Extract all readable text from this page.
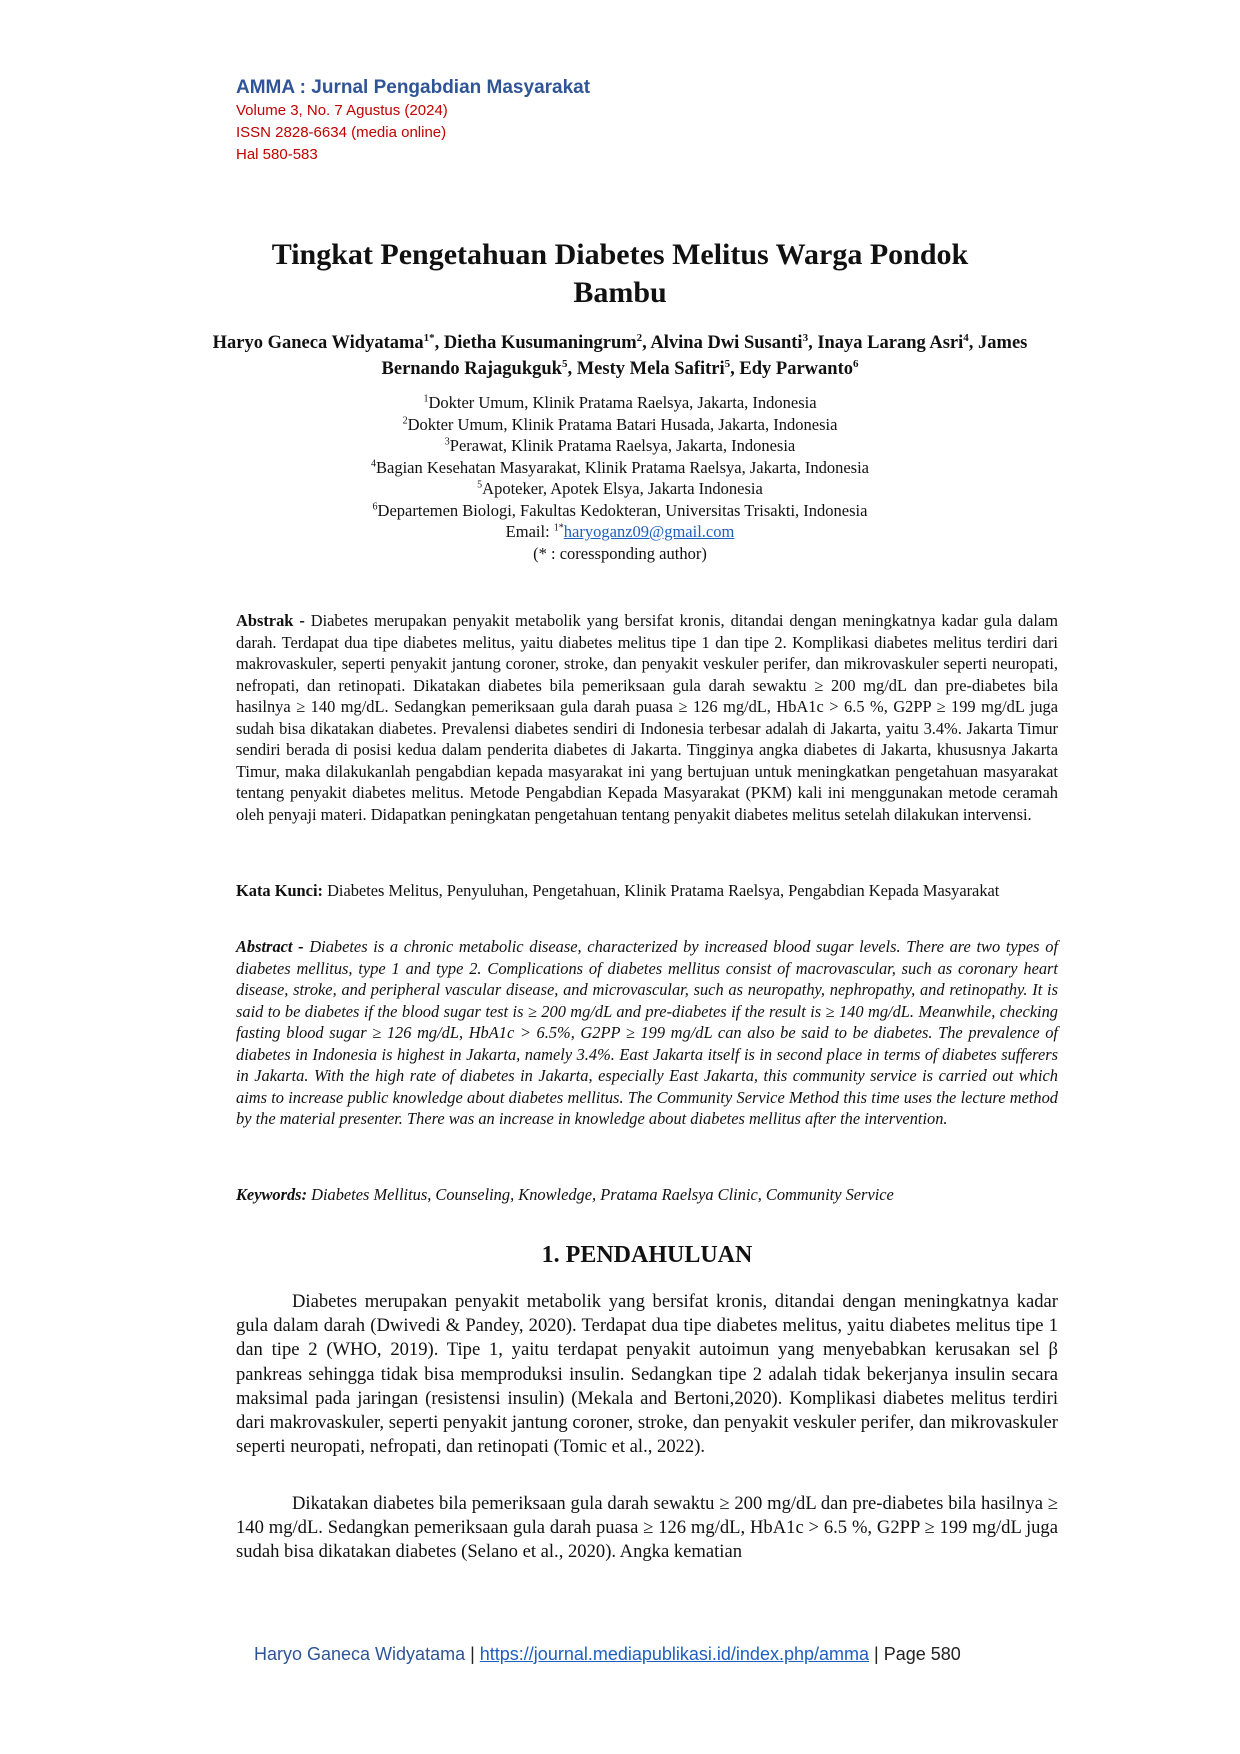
AMMA : Jurnal Pengabdian Masyarakat
Volume 3, No. 7 Agustus (2024)
ISSN 2828-6634 (media online)
Hal 580-583
Tingkat Pengetahuan Diabetes Melitus Warga Pondok Bambu
Haryo Ganeca Widyatama$^{1*}$, Dietha Kusumaningrum$^2$, Alvina Dwi Susanti$^3$, Inaya Larang Asri$^4$, James Bernando Rajagukguk$^5$, Mesty Mela Safitri$^5$, Edy Parwanto$^6$
$^1$Dokter Umum, Klinik Pratama Raelsya, Jakarta, Indonesia
$^2$Dokter Umum, Klinik Pratama Batari Husada, Jakarta, Indonesia
$^3$Perawat, Klinik Pratama Raelsya, Jakarta, Indonesia
$^4$Bagian Kesehatan Masyarakat, Klinik Pratama Raelsya, Jakarta, Indonesia
$^5$Apoteker, Apotek Elsya, Jakarta Indonesia
$^6$Departemen Biologi, Fakultas Kedokteran, Universitas Trisakti, Indonesia
Email: $^{1*}$haryoganz09@gmail.com
(* : coressponding author)
Abstrak - Diabetes merupakan penyakit metabolik yang bersifat kronis, ditandai dengan meningkatnya kadar gula dalam darah. Terdapat dua tipe diabetes melitus, yaitu diabetes melitus tipe 1 dan tipe 2. Komplikasi diabetes melitus terdiri dari makrovaskuler, seperti penyakit jantung coroner, stroke, dan penyakit veskuler perifer, dan mikrovaskuler seperti neuropati, nefropati, dan retinopati. Dikatakan diabetes bila pemeriksaan gula darah sewaktu ≥ 200 mg/dL dan pre-diabetes bila hasilnya ≥ 140 mg/dL. Sedangkan pemeriksaan gula darah puasa ≥ 126 mg/dL, HbA1c > 6.5 %, G2PP ≥ 199 mg/dL juga sudah bisa dikatakan diabetes. Prevalensi diabetes sendiri di Indonesia terbesar adalah di Jakarta, yaitu 3.4%. Jakarta Timur sendiri berada di posisi kedua dalam penderita diabetes di Jakarta. Tingginya angka diabetes di Jakarta, khususnya Jakarta Timur, maka dilakukanlah pengabdian kepada masyarakat ini yang bertujuan untuk meningkatkan pengetahuan masyarakat tentang penyakit diabetes melitus. Metode Pengabdian Kepada Masyarakat (PKM) kali ini menggunakan metode ceramah oleh penyaji materi. Didapatkan peningkatan pengetahuan tentang penyakit diabetes melitus setelah dilakukan intervensi.
Kata Kunci: Diabetes Melitus, Penyuluhan, Pengetahuan, Klinik Pratama Raelsya, Pengabdian Kepada Masyarakat
Abstract - Diabetes is a chronic metabolic disease, characterized by increased blood sugar levels. There are two types of diabetes mellitus, type 1 and type 2. Complications of diabetes mellitus consist of macrovascular, such as coronary heart disease, stroke, and peripheral vascular disease, and microvascular, such as neuropathy, nephropathy, and retinopathy. It is said to be diabetes if the blood sugar test is ≥ 200 mg/dL and pre-diabetes if the result is ≥ 140 mg/dL. Meanwhile, checking fasting blood sugar ≥ 126 mg/dL, HbA1c > 6.5%, G2PP ≥ 199 mg/dL can also be said to be diabetes. The prevalence of diabetes in Indonesia is highest in Jakarta, namely 3.4%. East Jakarta itself is in second place in terms of diabetes sufferers in Jakarta. With the high rate of diabetes in Jakarta, especially East Jakarta, this community service is carried out which aims to increase public knowledge about diabetes mellitus. The Community Service Method this time uses the lecture method by the material presenter. There was an increase in knowledge about diabetes mellitus after the intervention.
Keywords: Diabetes Mellitus, Counseling, Knowledge, Pratama Raelsya Clinic, Community Service
1. PENDAHULUAN
Diabetes merupakan penyakit metabolik yang bersifat kronis, ditandai dengan meningkatnya kadar gula dalam darah (Dwivedi & Pandey, 2020). Terdapat dua tipe diabetes melitus, yaitu diabetes melitus tipe 1 dan tipe 2 (WHO, 2019). Tipe 1, yaitu terdapat penyakit autoimun yang menyebabkan kerusakan sel β pankreas sehingga tidak bisa memproduksi insulin. Sedangkan tipe 2 adalah tidak bekerjanya insulin secara maksimal pada jaringan (resistensi insulin) (Mekala and Bertoni,2020). Komplikasi diabetes melitus terdiri dari makrovaskuler, seperti penyakit jantung coroner, stroke, dan penyakit veskuler perifer, dan mikrovaskuler seperti neuropati, nefropati, dan retinopati (Tomic et al., 2022).
Dikatakan diabetes bila pemeriksaan gula darah sewaktu ≥ 200 mg/dL dan pre-diabetes bila hasilnya ≥ 140 mg/dL. Sedangkan pemeriksaan gula darah puasa ≥ 126 mg/dL, HbA1c > 6.5 %, G2PP ≥ 199 mg/dL juga sudah bisa dikatakan diabetes (Selano et al., 2020). Angka kematian
Haryo Ganeca Widyatama | https://journal.mediapublikasi.id/index.php/amma | Page 580
